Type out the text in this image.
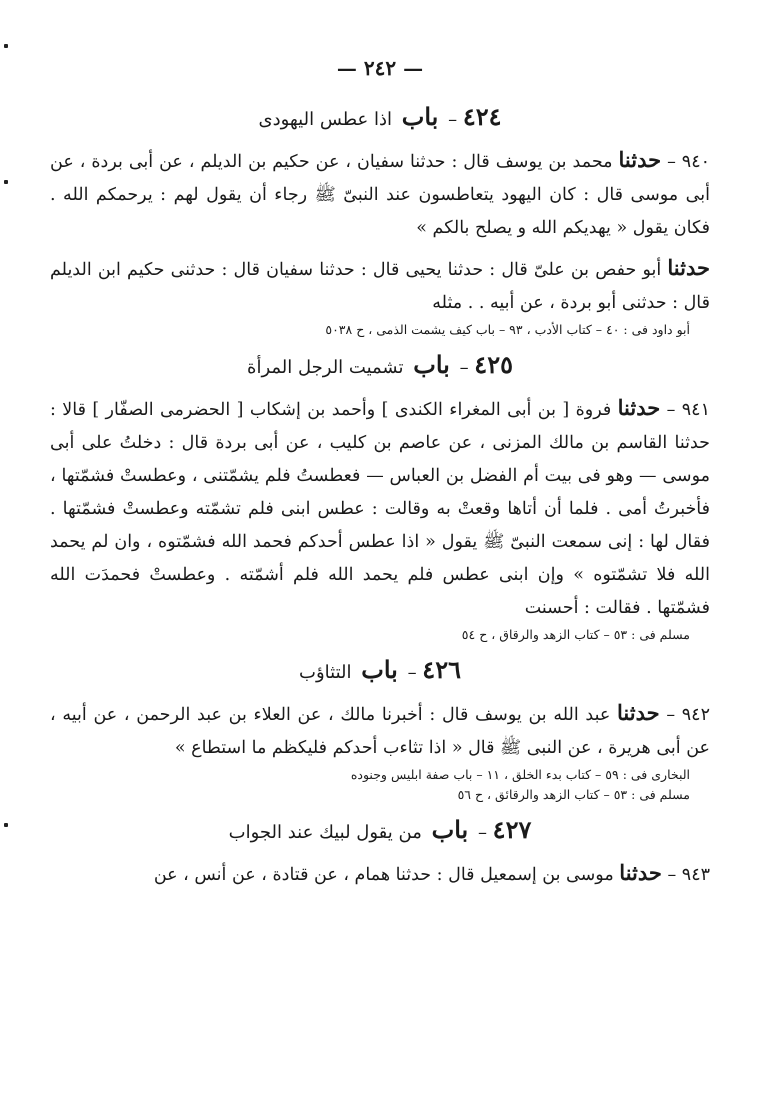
— ٢٤٢ —
٤٢٤ – باب اذا عطس اليهودى

٩٤٠ – حدثنا محمد بن يوسف قال : حدثنا سفيان ، عن حكيم بن الديلم ، عن أبى بردة ، عن أبى موسى قال : كان اليهود يتعاطسون عند النبىّ ﷺ رجاء أن يقول لهم : يرحمكم الله . فكان يقول « يهديكم الله و يصلح بالكم »

حدثنا أبو حفص بن علىّ قال : حدثنا يحيى قال : حدثنا سفيان قال : حدثنى حكيم ابن الديلم قال : حدثنى أبو بردة ، عن أبيه . . مثله

أبو داود فى : ٤٠ – كتاب الأدب ، ٩٣ – باب كيف يشمت الذمى ، ح ٥٠٣٨
٤٢٥ – باب تشميت الرجل المرأة

٩٤١ – حدثنا فروة [ بن أبى المغراء الكندى ] وأحمد بن إشكاب [ الحضرمى الصفّار ] قالا : حدثنا القاسم بن مالك المزنى ، عن عاصم بن كليب ، عن أبى بردة قال : دخلتُ على أبى موسى — وهو فى بيت أم الفضل بن العباس — فعطستُ فلم يشمّتنى ، وعطستْ فشمّتها ، فأخبرتُ أمى . فلما أن أتاها وقعتْ به وقالت : عطس ابنى فلم تشمّته وعطستْ فشمّتها . فقال لها : إنى سمعت النبىّ ﷺ يقول « اذا عطس أحدكم فحمد الله فشمّتوه ، وان لم يحمد الله فلا تشمّتوه » وإن ابنى عطس فلم يحمد الله فلم أشمّته . وعطستْ فحمدَت الله فشمّتها . فقالت : أحسنت

مسلم فى : ٥٣ – كتاب الزهد والرقاق ، ح ٥٤
٤٢٦ – باب التثاؤب

٩٤٢ – حدثنا عبد الله بن يوسف قال : أخبرنا مالك ، عن العلاء بن عبد الرحمن ، عن أبيه ، عن أبى هريرة ، عن النبى ﷺ قال « اذا تثاءب أحدكم فليكظم ما استطاع »

البخارى فى : ٥٩ – كتاب بدء الخلق ، ١١ – باب صفة ابليس وجنوده
مسلم فى : ٥٣ – كتاب الزهد والرقائق ، ح ٥٦
٤٢٧ – باب من يقول لبيك عند الجواب

٩٤٣ – حدثنا موسى بن إسمعيل قال : حدثنا همام ، عن قتادة ، عن أنس ، عن
